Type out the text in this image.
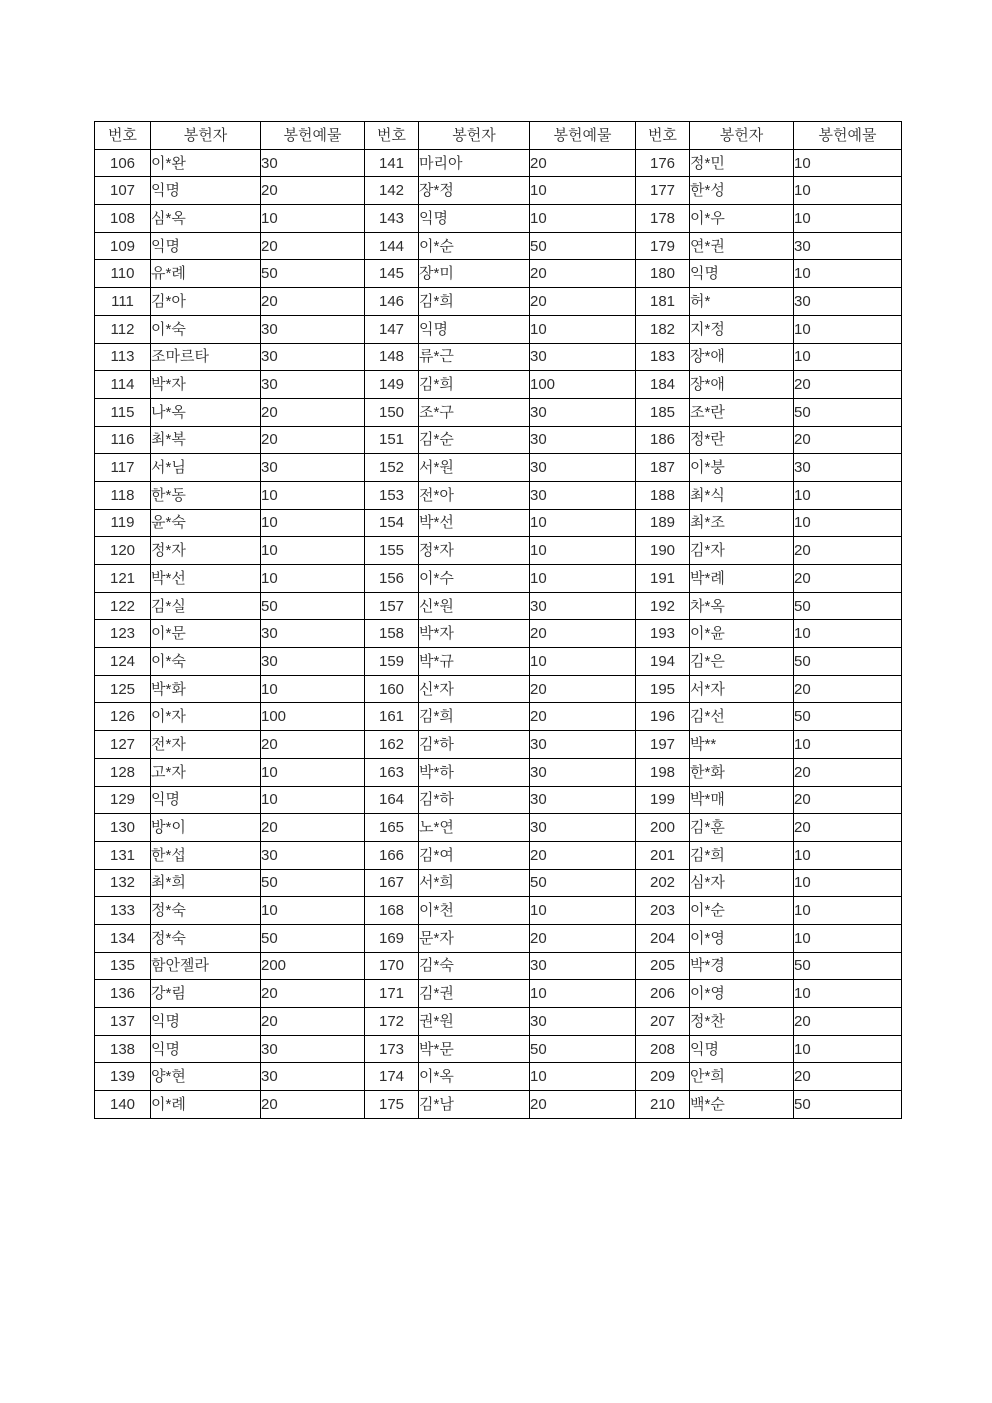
번호	봉헌자	봉헌예물	번호	봉헌자	봉헌예물	번호	봉헌자	봉헌예물
106	이*완	30	141	마리아	20	176	정*민	10
107	익명	20	142	장*정	10	177	한*성	10
108	심*옥	10	143	익명	10	178	이*우	10
109	익명	20	144	이*순	50	179	연*권	30
110	유*례	50	145	장*미	20	180	익명	10
111	김*아	20	146	김*희	20	181	허*	30
112	이*숙	30	147	익명	10	182	지*정	10
113	조마르타	30	148	류*근	30	183	장*애	10
114	박*자	30	149	김*희	100	184	장*애	20
115	나*옥	20	150	조*구	30	185	조*란	50
116	최*복	20	151	김*순	30	186	정*란	20
117	서*님	30	152	서*원	30	187	이*붕	30
118	한*동	10	153	전*아	30	188	최*식	10
119	윤*숙	10	154	박*선	10	189	최*조	10
120	정*자	10	155	정*자	10	190	김*자	20
121	박*선	10	156	이*수	10	191	박*례	20
122	김*실	50	157	신*원	30	192	차*옥	50
123	이*문	30	158	박*자	20	193	이*윤	10
124	이*숙	30	159	박*규	10	194	김*은	50
125	박*화	10	160	신*자	20	195	서*자	20
126	이*자	100	161	김*희	20	196	김*선	50
127	전*자	20	162	김*하	30	197	박**	10
128	고*자	10	163	박*하	30	198	한*화	20
129	익명	10	164	김*하	30	199	박*매	20
130	방*이	20	165	노*연	30	200	김*훈	20
131	한*섭	30	166	김*여	20	201	김*희	10
132	최*희	50	167	서*희	50	202	심*자	10
133	정*숙	10	168	이*천	10	203	이*순	10
134	정*숙	50	169	문*자	20	204	이*영	10
135	함안젤라	200	170	김*숙	30	205	박*경	50
136	강*림	20	171	김*권	10	206	이*영	10
137	익명	20	172	권*원	30	207	정*찬	20
138	익명	30	173	박*문	50	208	익명	10
139	양*현	30	174	이*옥	10	209	안*희	20
140	이*례	20	175	김*남	20	210	백*순	50
